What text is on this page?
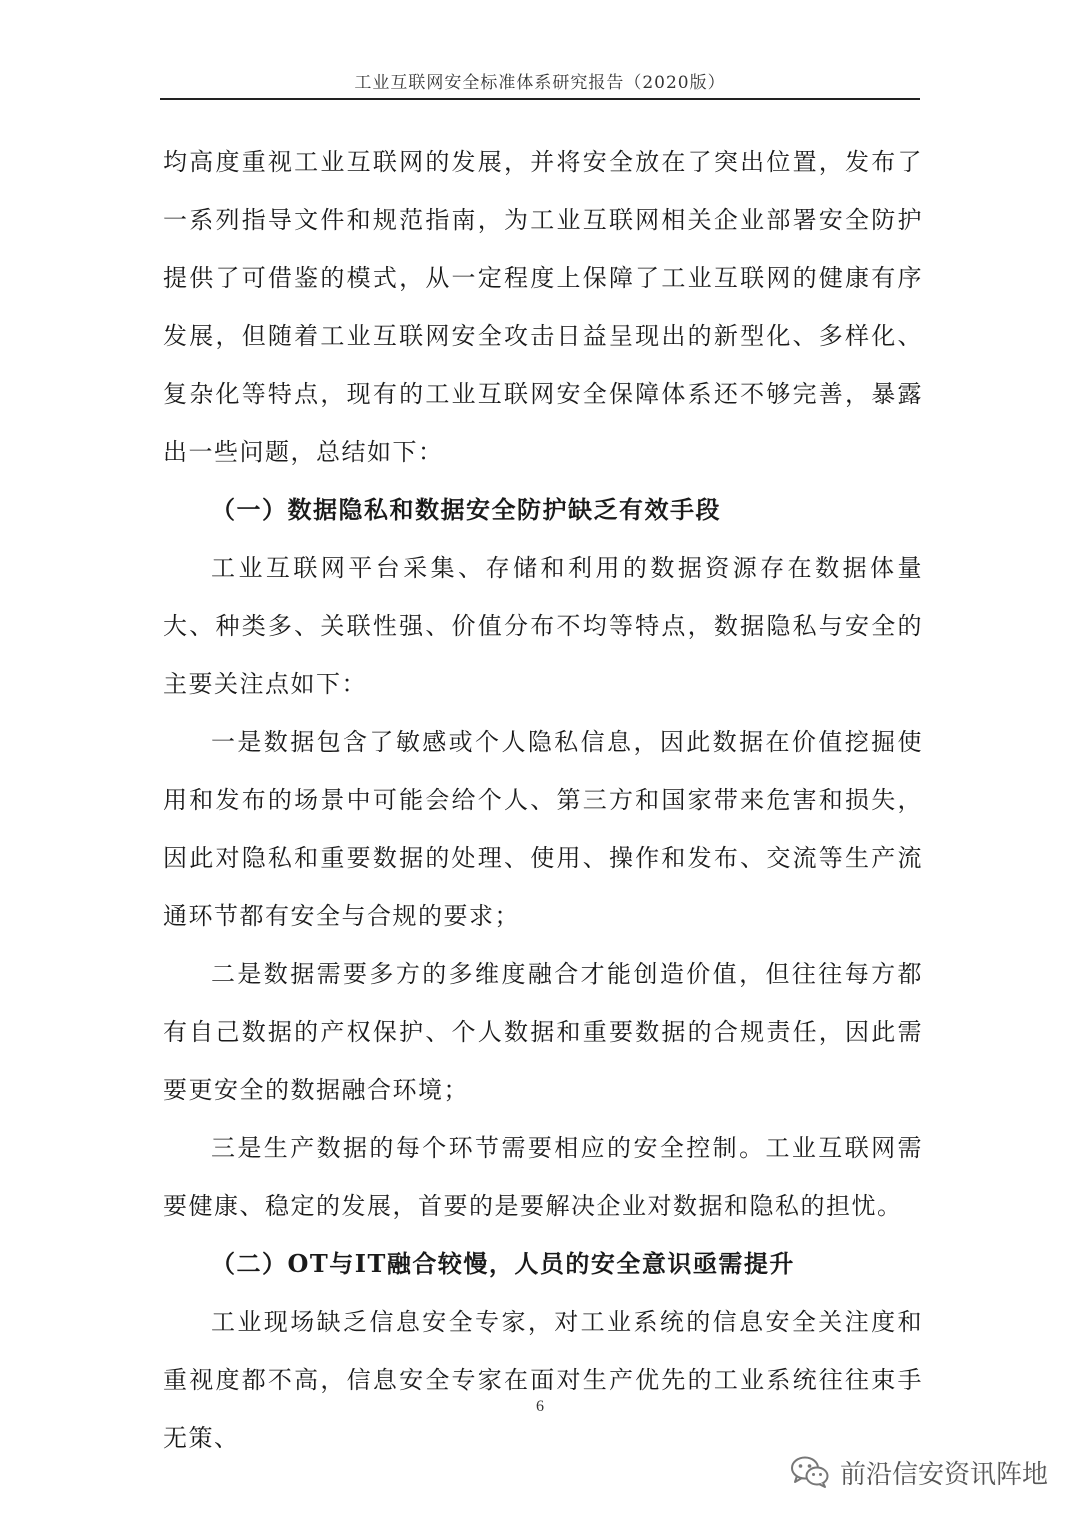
工业互联网安全标准体系研究报告（2020版）

均高度重视工业互联网的发展，并将安全放在了突出位置，发布了一系列指导文件和规范指南，为工业互联网相关企业部署安全防护提供了可借鉴的模式，从一定程度上保障了工业互联网的健康有序发展，但随着工业互联网安全攻击日益呈现出的新型化、多样化、复杂化等特点，现有的工业互联网安全保障体系还不够完善，暴露出一些问题，总结如下：

（一）数据隐私和数据安全防护缺乏有效手段

工业互联网平台采集、存储和利用的数据资源存在数据体量大、种类多、关联性强、价值分布不均等特点，数据隐私与安全的主要关注点如下：

一是数据包含了敏感或个人隐私信息，因此数据在价值挖掘使用和发布的场景中可能会给个人、第三方和国家带来危害和损失，因此对隐私和重要数据的处理、使用、操作和发布、交流等生产流通环节都有安全与合规的要求；

二是数据需要多方的多维度融合才能创造价值，但往往每方都有自己数据的产权保护、个人数据和重要数据的合规责任，因此需要更安全的数据融合环境；

三是生产数据的每个环节需要相应的安全控制。工业互联网需要健康、稳定的发展，首要的是要解决企业对数据和隐私的担忧。

（二）OT与IT融合较慢，人员的安全意识亟需提升

工业现场缺乏信息安全专家，对工业系统的信息安全关注度和重视度都不高，信息安全专家在面对生产优先的工业系统往往束手无策、

6
前沿信安资讯阵地
